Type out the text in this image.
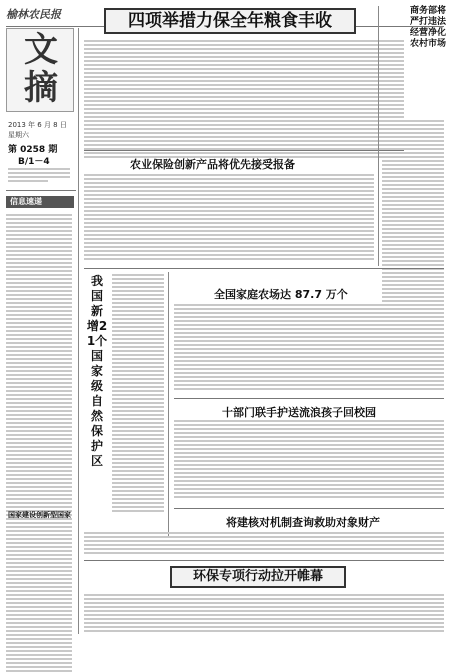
榆林农民报
文摘
2013 年 6 月 8 日
星期六
第 0258 期
B/1－4
信息速递
国家建设创新型国家
四项举措力保全年粮食丰收	商务部将严打违法经营净化农村市场
农业保险创新产品将优先接受报备
我国新增21个国家级自然保护区
全国家庭农场达 87.7 万个
十部门联手护送流浪孩子回校园
将建核对机制查询救助对象财产
环保专项行动拉开帷幕
